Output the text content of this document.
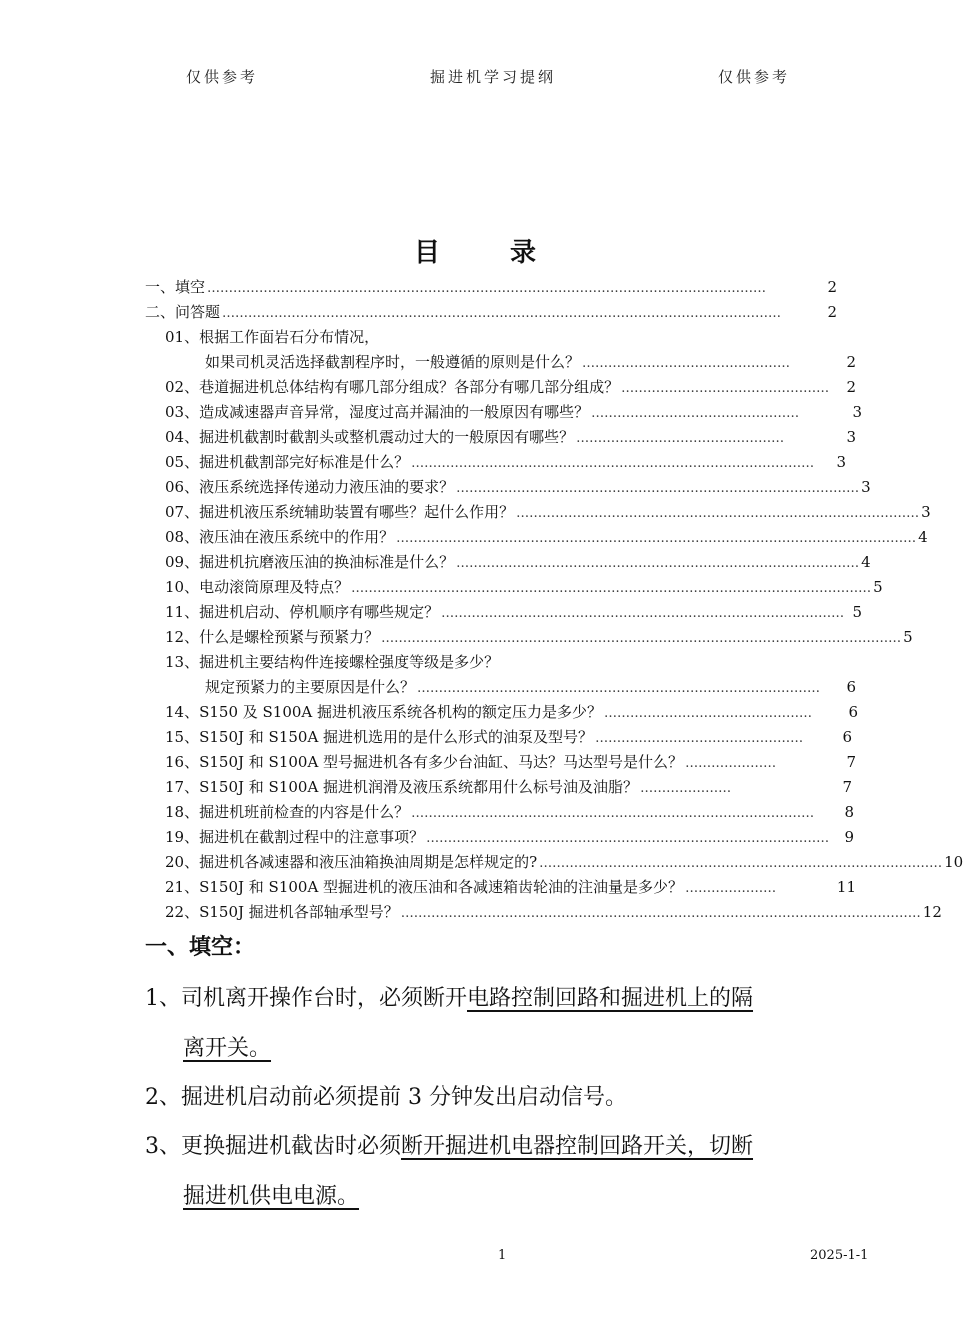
仅供参考	掘进机学习提纲	仅供参考
目	录
一、填空 …………………………………………………………………………………………………………………	2
二、问答题 …………………………………………………………………………………………………………………	2
01、根据工作面岩石分布情况，
如果司机灵活选择截割程序时，一般遵循的原则是什么？ …………………………………………	2
02、巷道掘进机总体结构有哪几部分组成？各部分有哪几部分组成？ …………………………………………	2
03、造成减速器声音异常，湿度过高并漏油的一般原因有哪些？ …………………………………………	3
04、掘进机截割时截割头或整机震动过大的一般原因有哪些？ …………………………………………	3
05、掘进机截割部完好标准是什么？ …………………………………………………………………………………	3
06、液压系统选择传递动力液压油的要求？ ………………………………………………………………………………… 3
07、掘进机液压系统辅助装置有哪些？起什么作用？ ………………………………………………………………………………… 3
08、液压油在液压系统中的作用？ ………………………………………………………………………………………………………… 4
09、掘进机抗磨液压油的换油标准是什么？ ………………………………………………………………………………… 4
10、电动滚筒原理及特点？ ………………………………………………………………………………………………………… 5
11、掘进机启动、停机顺序有哪些规定？ ………………………………………………………………………………… 5
12、什么是螺栓预紧与预紧力？ ………………………………………………………………………………………………………… 5
13、掘进机主要结构件连接螺栓强度等级是多少？
规定预紧力的主要原因是什么？ …………………………………………………………………………………	6
14、S150 及 S100A 掘进机液压系统各机构的额定压力是多少？ …………………………………………	6
15、S150J 和 S150A 掘进机选用的是什么形式的油泵及型号？ …………………………………………	6
16、S150J 和 S100A 型号掘进机各有多少台油缸、马达？马达型号是什么？ …………………	7
17、S150J 和 S100A 掘进机润滑及液压系统都用什么标号油及油脂？ …………………	7
18、掘进机班前检查的内容是什么？ …………………………………………………………………………………	8
19、掘进机在截割过程中的注意事项？ …………………………………………………………………………………	9
20、掘进机各减速器和液压油箱换油周期是怎样规定的? ………………………………………………………………………………… 10
21、S150J 和 S100A 型掘进机的液压油和各减速箱齿轮油的注油量是多少？ …………………	11
22、S150J 掘进机各部轴承型号？ ………………………………………………………………………………………………………… 12
一、填空：
1、司机离开操作台时，必须断开电路控制回路和掘进机上的隔
离开关。
2、掘进机启动前必须提前 3 分钟发出启动信号。
3、更换掘进机截齿时必须断开掘进机电器控制回路开关，切断
掘进机供电电源。
1	2025-1-1
